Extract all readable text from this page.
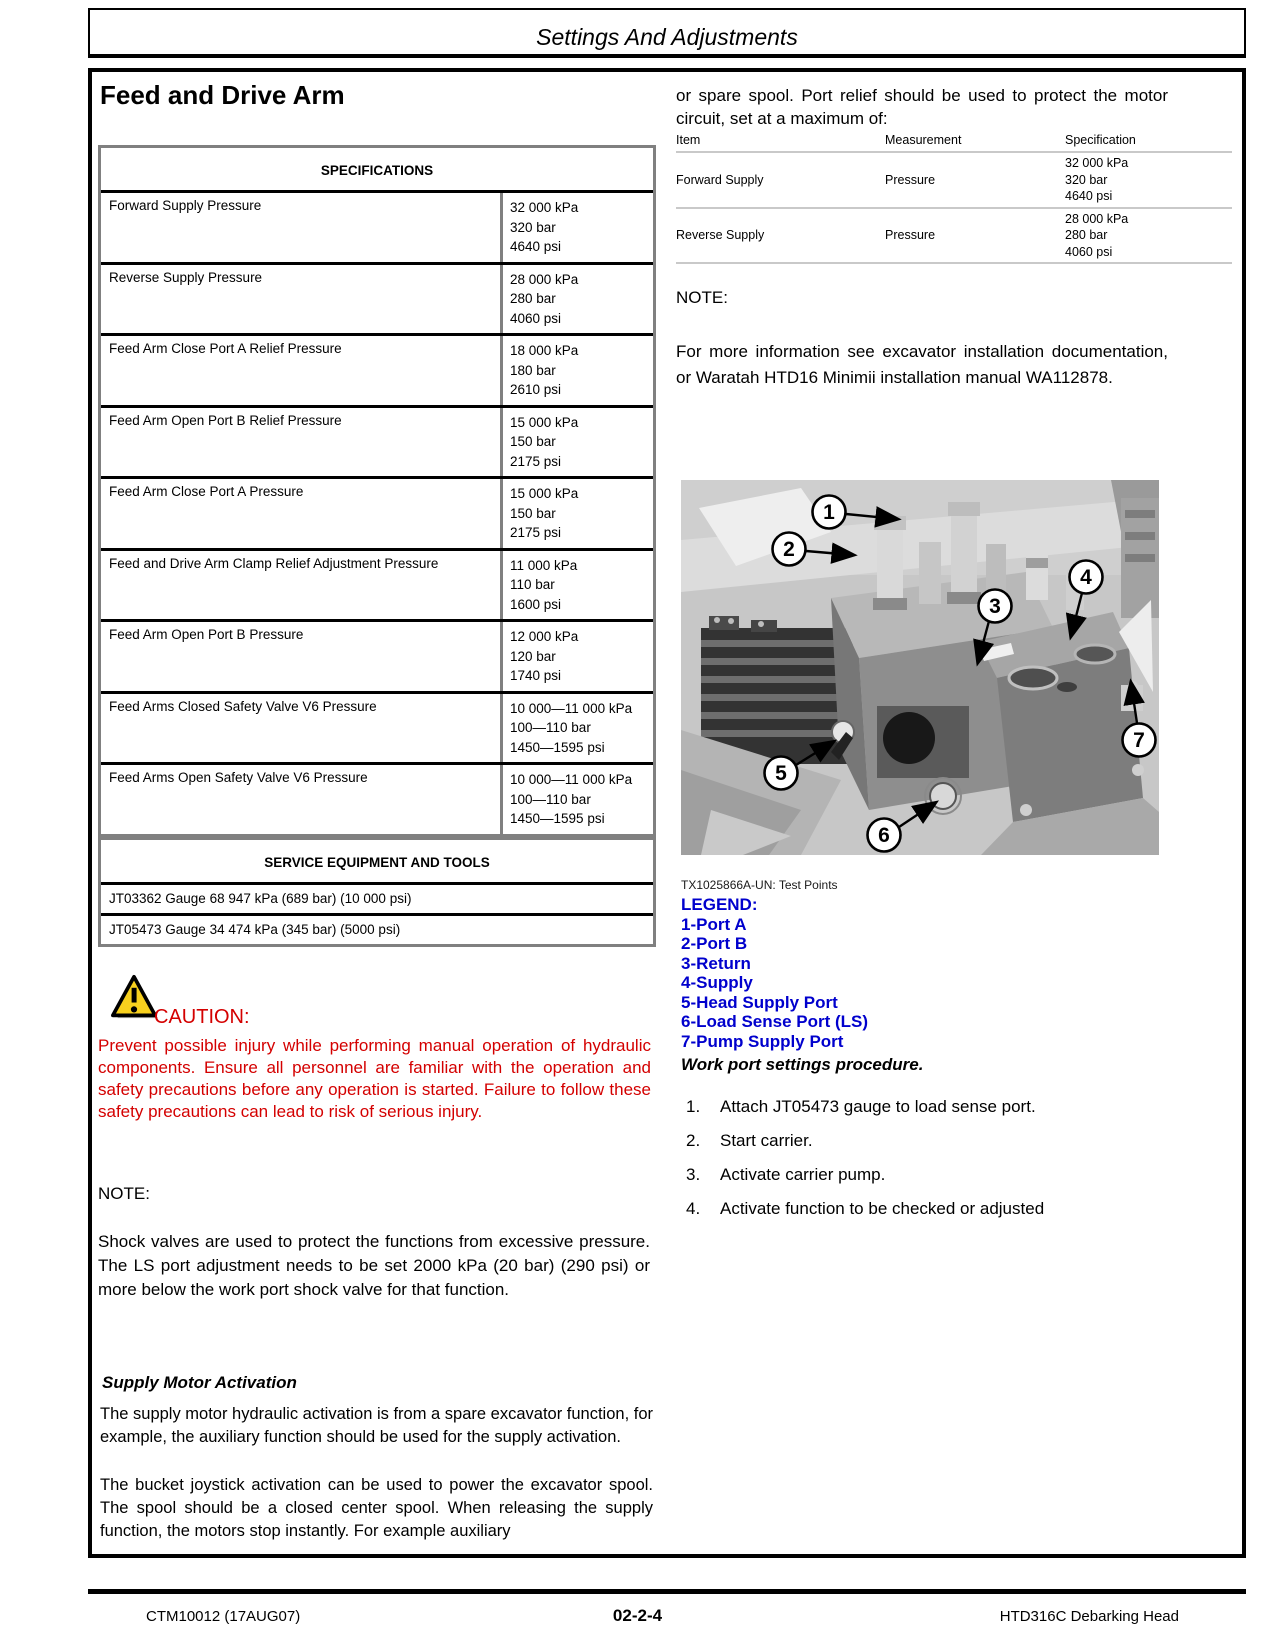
Settings And Adjustments
Feed and Drive Arm
SPECIFICATIONS
Forward Supply Pressure	32 000 kPa
320 bar
4640 psi
Reverse Supply Pressure	28 000 kPa
280 bar
4060 psi
Feed Arm Close Port A Relief Pressure	18 000 kPa
180 bar
2610 psi
Feed Arm Open Port B Relief Pressure	15 000 kPa
150 bar
2175 psi
Feed Arm Close Port A Pressure	15 000 kPa
150 bar
2175 psi
Feed and Drive Arm Clamp Relief Adjustment Pressure	11 000 kPa
110 bar
1600 psi
Feed Arm Open Port B Pressure	12 000 kPa
120 bar
1740 psi
Feed Arms Closed Safety Valve V6 Pressure	10 000—11 000 kPa
100—110 bar
1450—1595 psi
Feed Arms Open Safety Valve V6 Pressure	10 000—11 000 kPa
100—110 bar
1450—1595 psi
SERVICE EQUIPMENT AND TOOLS
JT03362 Gauge 68 947 kPa (689 bar) (10 000 psi)
JT05473 Gauge 34 474 kPa (345 bar) (5000 psi)
CAUTION:
Prevent possible injury while performing manual operation of hydraulic components. Ensure all personnel are familiar with the operation and safety precautions before any operation is started. Failure to follow these safety precautions can lead to risk of serious injury.
NOTE:
Shock valves are used to protect the functions from excessive pressure. The LS port adjustment needs to be set 2000 kPa (20 bar) (290 psi) or more below the work port shock valve for that function.
Supply Motor Activation
The supply motor hydraulic activation is from a spare excavator function, for example, the auxiliary function should be used for the supply activation.
The bucket joystick activation can be used to power the excavator spool. The spool should be a closed center spool. When releasing the supply function, the motors stop instantly. For example auxiliary
or spare spool. Port relief should be used to protect the motor circuit, set at a maximum of:
Item	Measurement	Specification
Forward Supply	Pressure
32 000 kPa
320 bar
4640 psi
Reverse Supply	Pressure
28 000 kPa
280 bar
4060 psi
NOTE:
For more information see excavator installation documentation, or Waratah HTD16 Minimii installation manual WA112878.
1
2
3
4
5
6
7
TX1025866A-UN: Test Points
LEGEND:
1-Port A
2-Port B
3-Return
4-Supply
5-Head Supply Port
6-Load Sense Port (LS)
7-Pump Supply Port
Work port settings procedure.
1.	Attach JT05473 gauge to load sense port.
2.	Start carrier.
3.	Activate carrier pump.
4.	Activate function to be checked or adjusted
CTM10012 (17AUG07)	02-2-4	HTD316C Debarking Head
